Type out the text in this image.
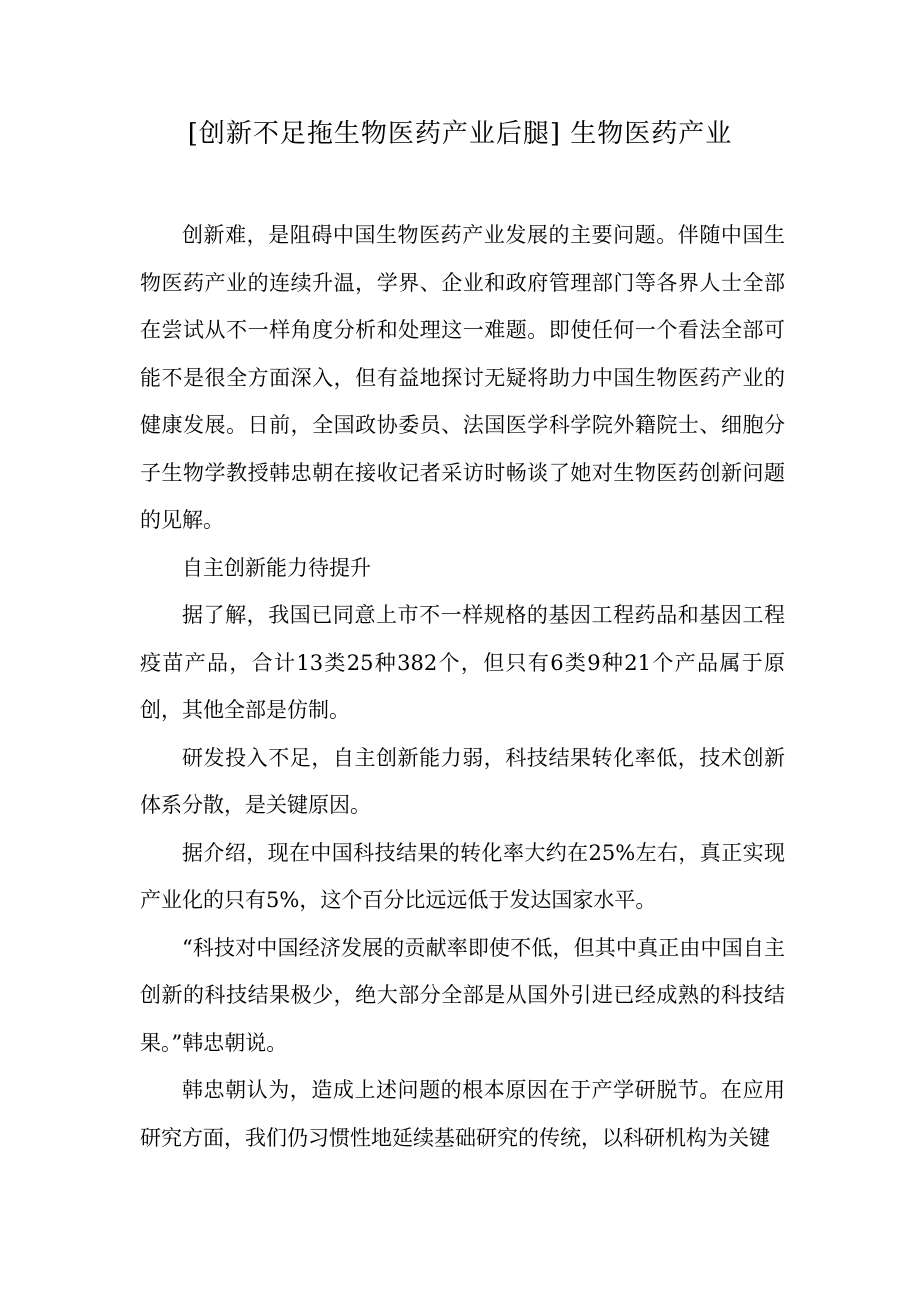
[创新不足拖生物医药产业后腿] 生物医药产业

创新难，是阻碍中国生物医药产业发展的主要问题。伴随中国生物医药产业的连续升温，学界、企业和政府管理部门等各界人士全部在尝试从不一样角度分析和处理这一难题。即使任何一个看法全部可能不是很全方面深入，但有益地探讨无疑将助力中国生物医药产业的健康发展。日前，全国政协委员、法国医学科学院外籍院士、细胞分子生物学教授韩忠朝在接收记者采访时畅谈了她对生物医药创新问题的见解。

自主创新能力待提升

据了解，我国已同意上市不一样规格的基因工程药品和基因工程疫苗产品，合计13类25种382个，但只有6类9种21个产品属于原创，其他全部是仿制。

研发投入不足，自主创新能力弱，科技结果转化率低，技术创新体系分散，是关键原因。

据介绍，现在中国科技结果的转化率大约在25%左右，真正实现产业化的只有5%，这个百分比远远低于发达国家水平。

“科技对中国经济发展的贡献率即使不低，但其中真正由中国自主创新的科技结果极少，绝大部分全部是从国外引进已经成熟的科技结果。”韩忠朝说。

韩忠朝认为，造成上述问题的根本原因在于产学研脱节。在应用研究方面，我们仍习惯性地延续基础研究的传统，以科研机构为关键
